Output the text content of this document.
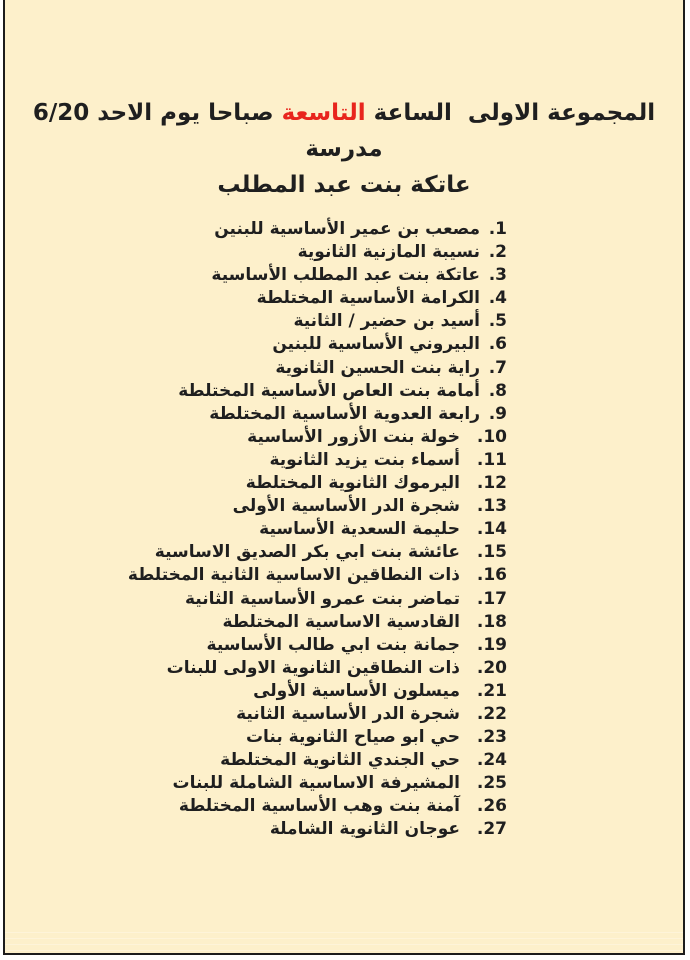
المجموعة الاولى  الساعة التاسعة صباحا يوم الاحد 6/20 مدرسة
عاتكة بنت عبد المطلب
1.مصعب بن عمير الأساسية للبنين
2.نسيبة المازنية الثانوية
3.عاتكة بنت عبد المطلب الأساسية
4.الكرامة الأساسية المختلطة
5.أسيد بن حضير / الثانية
6.البيروني الأساسية للبنين
7.راية بنت الحسين الثانوية
8.أمامة بنت العاص الأساسية المختلطة
9.رابعة العدوية الأساسية المختلطة
10.خولة بنت الأزور الأساسية
11.أسماء بنت يزيد الثانوية
12.اليرموك الثانوية المختلطة
13.شجرة الدر الأساسية الأولى
14.حليمة السعدية الأساسية
15.عائشة بنت ابي بكر الصديق الاساسية
16.ذات النطاقين الاساسية الثانية المختلطة
17.تماضر بنت عمرو الأساسية الثانية
18.القادسية الاساسية المختلطة
19.جمانة بنت ابي طالب الأساسية
20.ذات النطاقين الثانوية الاولى للبنات
21.ميسلون الأساسية الأولى
22.شجرة الدر الأساسية الثانية
23.حي ابو صياح الثانوية بنات
24.حي الجندي الثانوية المختلطة
25.المشيرفة الاساسية الشاملة للبنات
26.آمنة بنت وهب الأساسية المختلطة
27.عوجان الثانوية الشاملة
